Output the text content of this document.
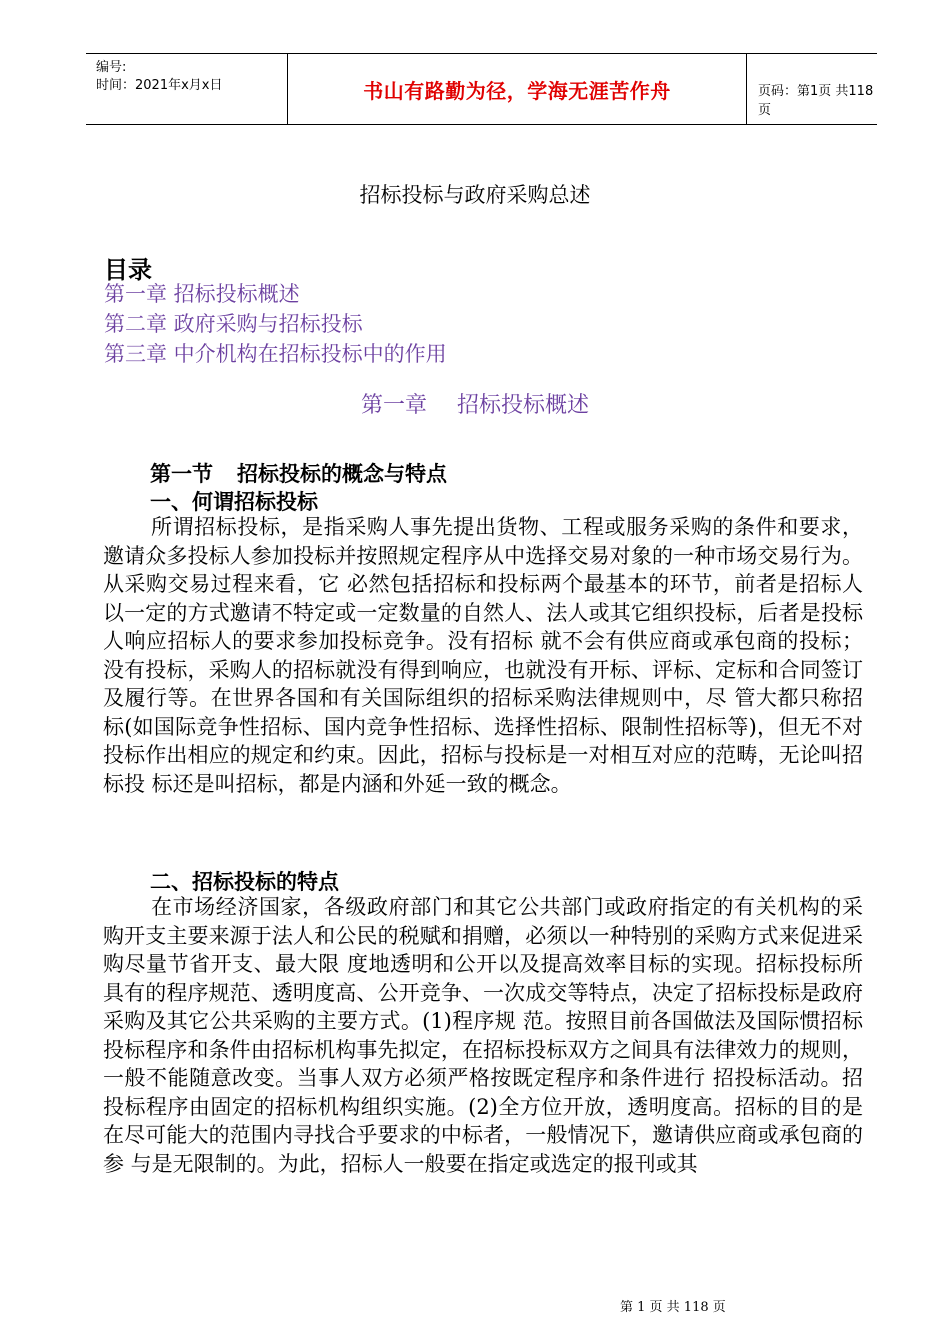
编号:
时间：2021年x月x日	书山有路勤为径，学海无涯苦作舟	页码：第1页 共118页
招标投标与政府采购总述
目录
第一章 招标投标概述
第二章 政府采购与招标投标
第三章 中介机构在招标投标中的作用
第一章 招标投标概述
第一节 招标投标的概念与特点
一、何谓招标投标
所谓招标投标，是指采购人事先提出货物、工程或服务采购的条件和要求，邀请众多投标人参加投标并按照规定程序从中选择交易对象的一种市场交易行为。从采购交易过程来看，它 必然包括招标和投标两个最基本的环节，前者是招标人以一定的方式邀请不特定或一定数量的自然人、法人或其它组织投标，后者是投标人响应招标人的要求参加投标竞争。没有招标 就不会有供应商或承包商的投标；没有投标，采购人的招标就没有得到响应，也就没有开标、评标、定标和合同签订及履行等。在世界各国和有关国际组织的招标采购法律规则中，尽 管大都只称招标(如国际竞争性招标、国内竞争性招标、选择性招标、限制性招标等)，但无不对投标作出相应的规定和约束。因此，招标与投标是一对相互对应的范畴，无论叫招标投 标还是叫招标，都是内涵和外延一致的概念。
二、招标投标的特点
在市场经济国家，各级政府部门和其它公共部门或政府指定的有关机构的采购开支主要来源于法人和公民的税赋和捐赠，必须以一种特别的采购方式来促进采购尽量节省开支、最大限 度地透明和公开以及提高效率目标的实现。招标投标所具有的程序规范、透明度高、公开竞争、一次成交等特点，决定了招标投标是政府采购及其它公共采购的主要方式。(1)程序规 范。按照目前各国做法及国际惯招标投标程序和条件由招标机构事先拟定，在招标投标双方之间具有法律效力的规则，一般不能随意改变。当事人双方必须严格按既定程序和条件进行 招投标活动。招投标程序由固定的招标机构组织实施。(2)全方位开放，透明度高。招标的目的是在尽可能大的范围内寻找合乎要求的中标者，一般情况下，邀请供应商或承包商的参 与是无限制的。为此，招标人一般要在指定或选定的报刊或其
第 1 页 共 118 页
